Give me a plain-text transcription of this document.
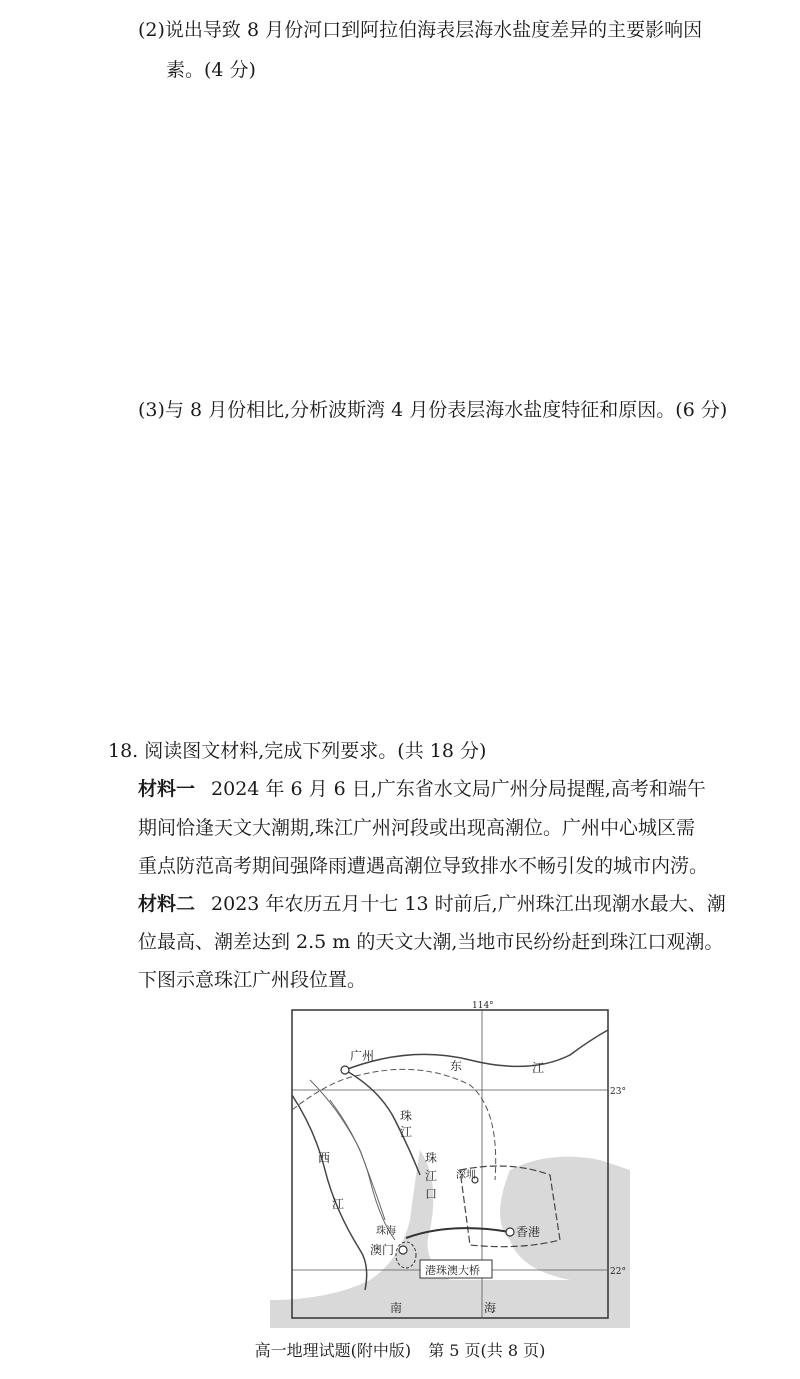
(2)说出导致 8 月份河口到阿拉伯海表层海水盐度差异的主要影响因
素。(4 分)
(3)与 8 月份相比,分析波斯湾 4 月份表层海水盐度特征和原因。(6 分)
18. 阅读图文材料,完成下列要求。(共 18 分)
材料一 2024 年 6 月 6 日,广东省水文局广州分局提醒,高考和端午
期间恰逢天文大潮期,珠江广州河段或出现高潮位。广州中心城区需
重点防范高考期间强降雨遭遇高潮位导致排水不畅引发的城市内涝。
材料二 2023 年农历五月十七 13 时前后,广州珠江出现潮水最大、潮
位最高、潮差达到 2.5 m 的天文大潮,当地市民纷纷赶到珠江口观潮。
下图示意珠江广州段位置。
114°
23°
22°
广州
东	江
珠
江
西
江
珠
江
口
深圳
香港
珠海
澳门
港珠澳大桥
南	海
高一地理试题(附中版) 第 5 页(共 8 页)
